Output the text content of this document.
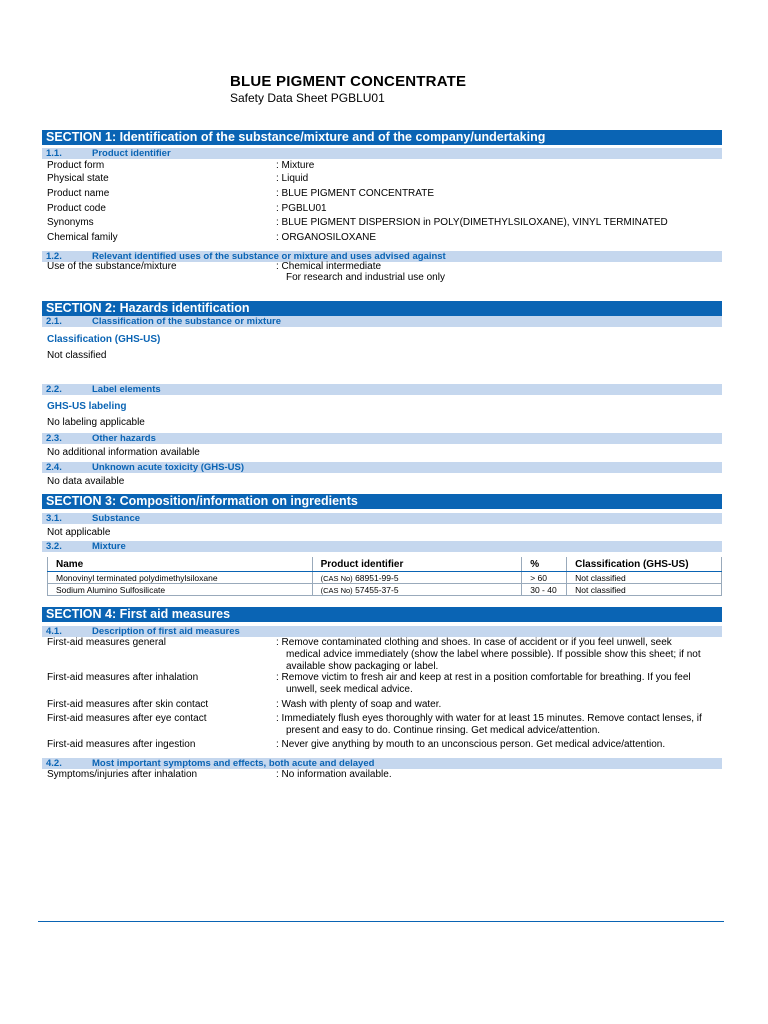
BLUE PIGMENT CONCENTRATE
Safety Data Sheet PGBLU01
SECTION 1: Identification of the substance/mixture and of the company/undertaking
1.1.	Product identifier
Product form	: Mixture
Physical state	: Liquid
Product name	: BLUE PIGMENT CONCENTRATE
Product code	: PGBLU01
Synonyms	: BLUE PIGMENT DISPERSION in POLY(DIMETHYLSILOXANE), VINYL TERMINATED
Chemical family	: ORGANOSILOXANE
1.2.	Relevant identified uses of the substance or mixture and uses advised against
Use of the substance/mixture	: Chemical intermediate
For research and industrial use only
SECTION 2: Hazards identification
2.1.	Classification of the substance or mixture
Classification (GHS-US)
Not classified
2.2.	Label elements
GHS-US labeling
No labeling applicable
2.3.	Other hazards
No additional information available
2.4.	Unknown acute toxicity (GHS-US)
No data available
SECTION 3: Composition/information on ingredients
3.1.	Substance
Not applicable
3.2.	Mixture
Name	Product identifier	%	Classification (GHS-US)
Monovinyl terminated polydimethylsiloxane	(CAS No) 68951-99-5	> 60	Not classified
Sodium Alumino Sulfosilicate	(CAS No) 57455-37-5	30 - 40	Not classified
SECTION 4: First aid measures
4.1.	Description of first aid measures
First-aid measures general	: Remove contaminated clothing and shoes. In case of accident or if you feel unwell, seek
medical advice immediately (show the label where possible). If possible show this sheet; if not
available show packaging or label.
First-aid measures after inhalation	: Remove victim to fresh air and keep at rest in a position comfortable for breathing. If you feel
unwell, seek medical advice.
First-aid measures after skin contact	: Wash with plenty of soap and water.
First-aid measures after eye contact	: Immediately flush eyes thoroughly with water for at least 15 minutes. Remove contact lenses, if
present and easy to do. Continue rinsing. Get medical advice/attention.
First-aid measures after ingestion	: Never give anything by mouth to an unconscious person. Get medical advice/attention.
4.2.	Most important symptoms and effects, both acute and delayed
Symptoms/injuries after inhalation	: No information available.
